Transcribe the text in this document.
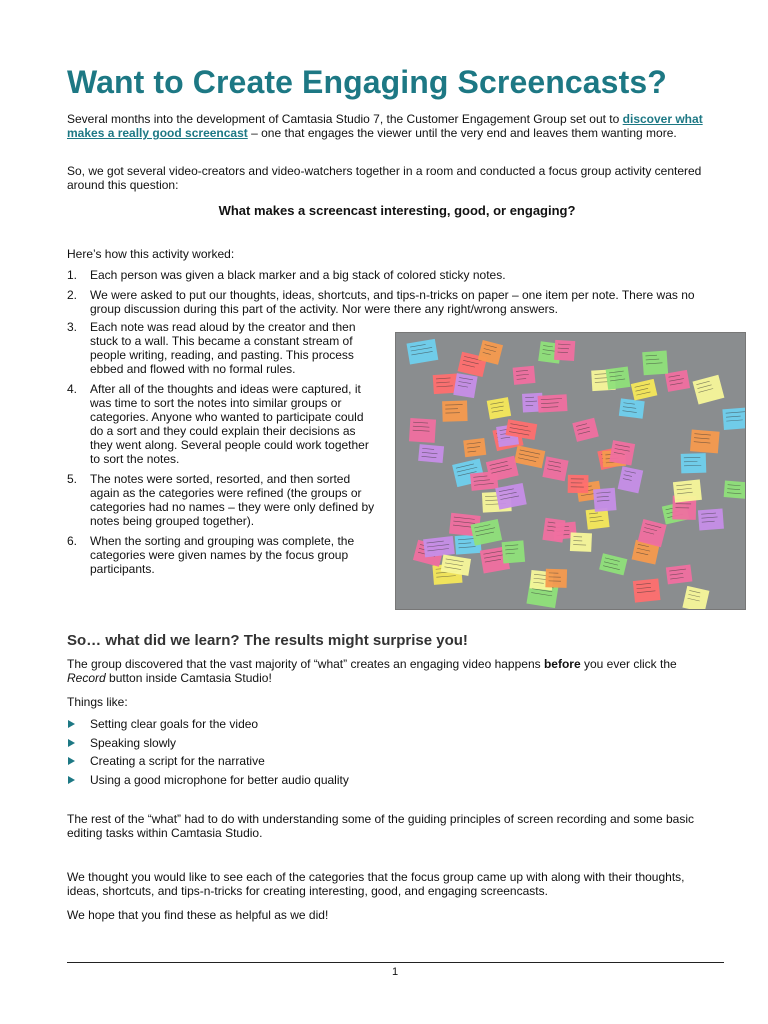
Want to Create Engaging Screencasts?

Several months into the development of Camtasia Studio 7, the Customer Engagement Group set out to discover what makes a really good screencast – one that engages the viewer until the very end and leaves them wanting more.

So, we got several video-creators and video-watchers together in a room and conducted a focus group activity centered around this question:

What makes a screencast interesting, good, or engaging?

Here’s how this activity worked:

1. Each person was given a black marker and a big stack of colored sticky notes.
2. We were asked to put our thoughts, ideas, shortcuts, and tips-n-tricks on paper – one item per note. There was no group discussion during this part of the activity. Nor were there any right/wrong answers.
3. Each note was read aloud by the creator and then stuck to a wall. This became a constant stream of people writing, reading, and pasting. This process ebbed and flowed with no formal rules.
4. After all of the thoughts and ideas were captured, it was time to sort the notes into similar groups or categories. Anyone who wanted to participate could do a sort and they could explain their decisions as they went along. Several people could work together to sort the notes.
5. The notes were sorted, resorted, and then sorted again as the categories were refined (the groups or categories had no names – they were only defined by notes being grouped together).
6. When the sorting and grouping was complete, the categories were given names by the focus group participants.
So… what did we learn? The results might surprise you!

The group discovered that the vast majority of “what” creates an engaging video happens before you ever click the Record button inside Camtasia Studio!

Things like:

Setting clear goals for the video
Speaking slowly
Creating a script for the narrative
Using a good microphone for better audio quality

The rest of the “what” had to do with understanding some of the guiding principles of screen recording and some basic editing tasks within Camtasia Studio.

We thought you would like to see each of the categories that the focus group came up with along with their thoughts, ideas, shortcuts, and tips-n-tricks for creating interesting, good, and engaging screencasts.

We hope that you find these as helpful as we did!

1
